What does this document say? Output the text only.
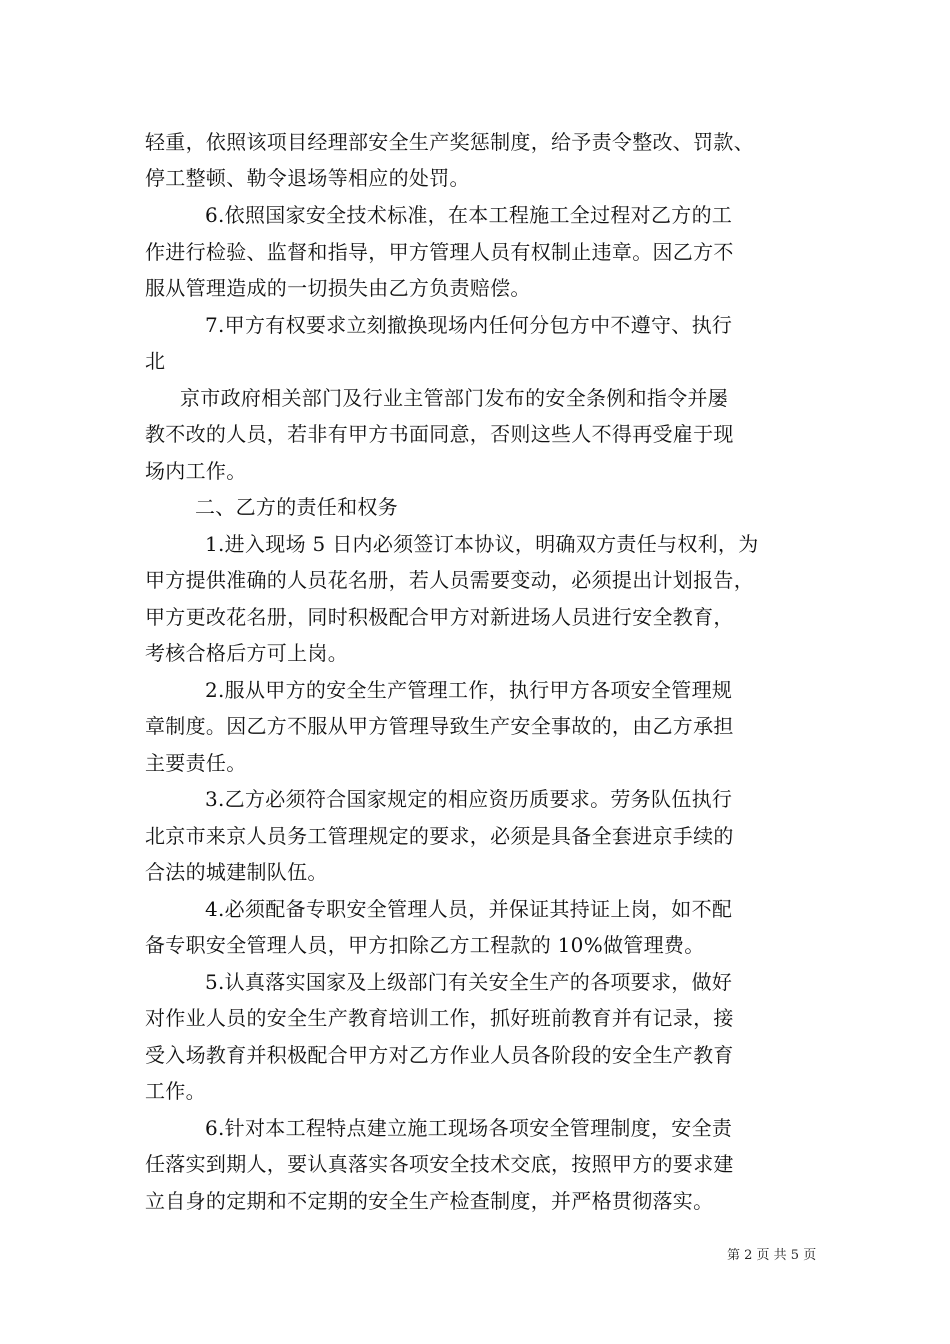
轻重，依照该项目经理部安全生产奖惩制度，给予责令整改、罚款、
停工整顿、勒令退场等相应的处罚。
6.依照国家安全技术标准，在本工程施工全过程对乙方的工
作进行检验、监督和指导，甲方管理人员有权制止违章。因乙方不
服从管理造成的一切损失由乙方负责赔偿。
7.甲方有权要求立刻撤换现场内任何分包方中不遵守、执行
北
京市政府相关部门及行业主管部门发布的安全条例和指令并屡
教不改的人员，若非有甲方书面同意，否则这些人不得再受雇于现
场内工作。
二、乙方的责任和权务
1.进入现场 5 日内必须签订本协议，明确双方责任与权利，为
甲方提供准确的人员花名册，若人员需要变动，必须提出计划报告，
甲方更改花名册，同时积极配合甲方对新进场人员进行安全教育，
考核合格后方可上岗。
2.服从甲方的安全生产管理工作，执行甲方各项安全管理规
章制度。因乙方不服从甲方管理导致生产安全事故的，由乙方承担
主要责任。
3.乙方必须符合国家规定的相应资历质要求。劳务队伍执行
北京市来京人员务工管理规定的要求，必须是具备全套进京手续的
合法的城建制队伍。
4.必须配备专职安全管理人员，并保证其持证上岗，如不配
备专职安全管理人员，甲方扣除乙方工程款的 10%做管理费。
5.认真落实国家及上级部门有关安全生产的各项要求，做好
对作业人员的安全生产教育培训工作，抓好班前教育并有记录，接
受入场教育并积极配合甲方对乙方作业人员各阶段的安全生产教育
工作。
6.针对本工程特点建立施工现场各项安全管理制度，安全责
任落实到期人，要认真落实各项安全技术交底，按照甲方的要求建
立自身的定期和不定期的安全生产检查制度，并严格贯彻落实。
第 2 页 共 5 页
